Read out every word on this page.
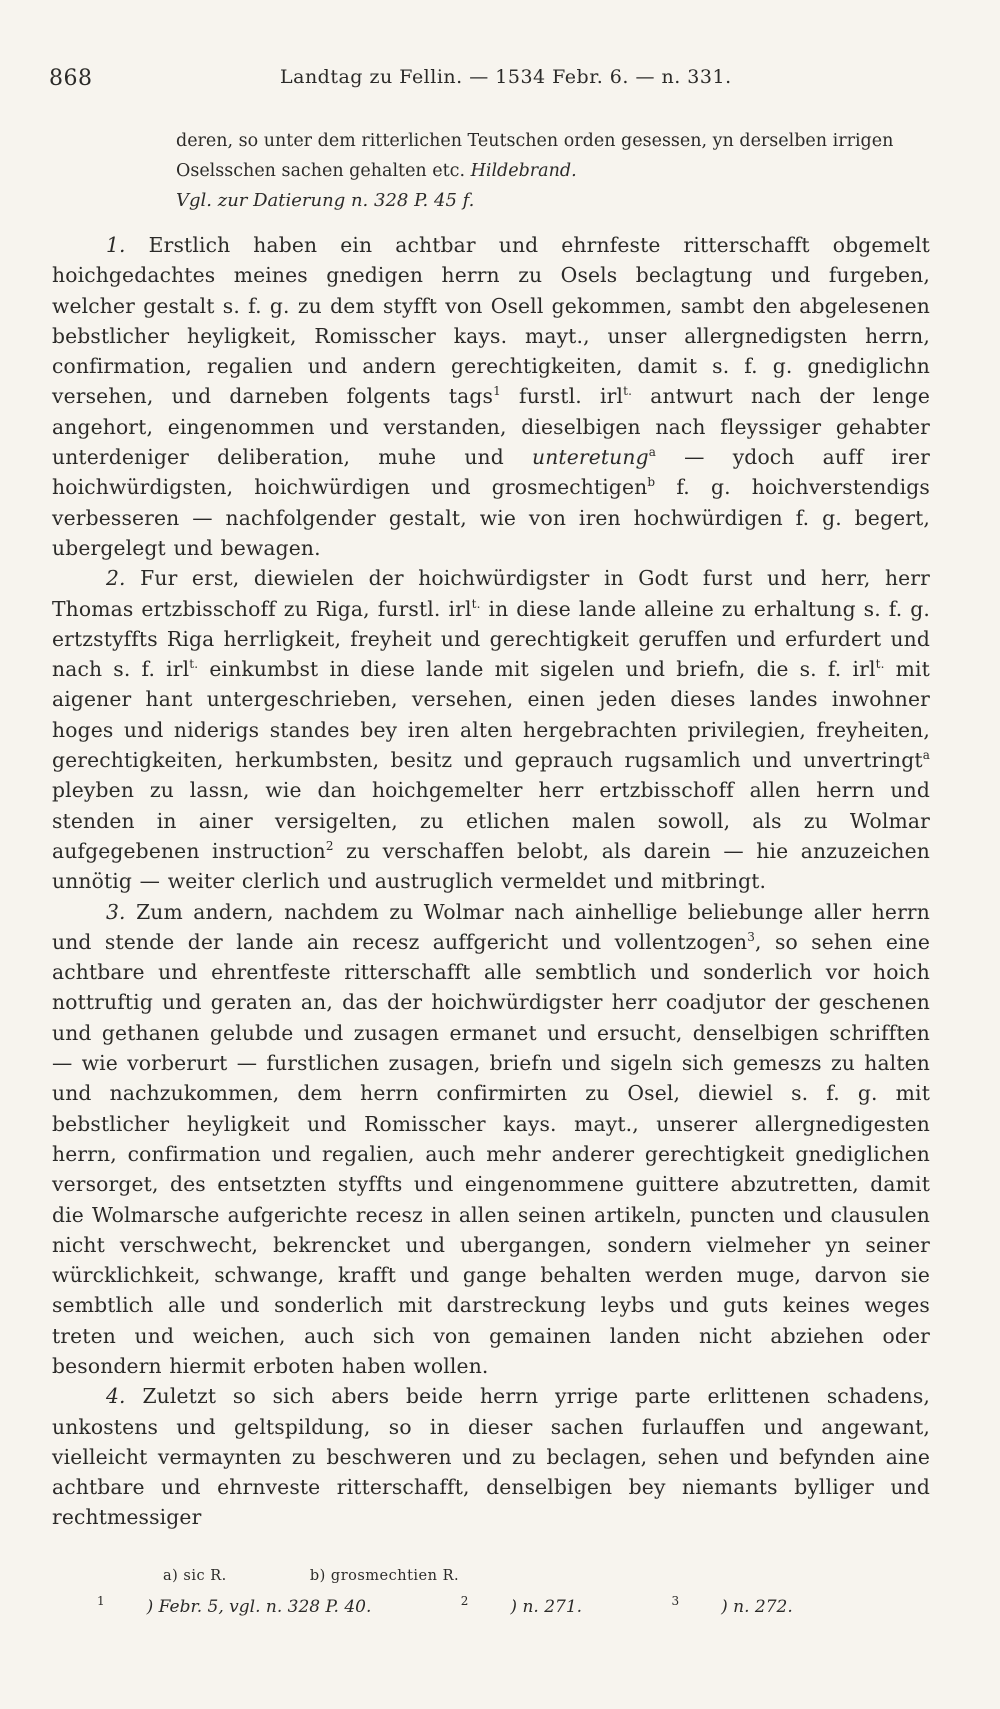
868	Landtag zu Fellin. — 1534 Febr. 6. — n. 331.

deren, so unter dem ritterlichen Teutschen orden gesessen, yn derselben irrigen

Oselsschen sachen gehalten etc. Hildebrand.

Vgl. zur Datierung n. 328 P. 45 f.

1. Erstlich haben ein achtbar und ehrnfeste ritterschafft obgemelt hoichgedachtes meines gnedigen herrn zu Osels beclagtung und furgeben, welcher gestalt s. f. g. zu dem styfft von Osell gekommen, sambt den abgelesenen bebstlicher heyligkeit, Romisscher kays. mayt., unser allergnedigsten herrn, confirmation, regalien und andern gerechtigkeiten, damit s. f. g. gnediglichn versehen, und darneben folgents tags$^1$ furstl. irl$^{t.}$ antwurt nach der lenge angehort, eingenommen und verstanden, dieselbigen nach fleyssiger gehabter unterdeniger deliberation, muhe und unteretung$^a$ — ydoch auff irer hoichwürdigsten, hoichwürdigen und grosmechtigen$^b$ f. g. hoichverstendigs verbesseren — nachfolgender gestalt, wie von iren hochwürdigen f. g. begert, ubergelegt und bewagen.

2. Fur erst, diewielen der hoichwürdigster in Godt furst und herr, herr Thomas ertzbisschoff zu Riga, furstl. irl$^{t.}$ in diese lande alleine zu erhaltung s. f. g. ertzstyffts Riga herrligkeit, freyheit und gerechtigkeit geruffen und erfurdert und nach s. f. irl$^{t.}$ einkumbst in diese lande mit sigelen und briefn, die s. f. irl$^{t.}$ mit aigener hant untergeschrieben, versehen, einen jeden dieses landes inwohner hoges und niderigs standes bey iren alten hergebrachten privilegien, freyheiten, gerechtigkeiten, herkumbsten, besitz und geprauch rugsamlich und unvertringt$^a$ pleyben zu lassn, wie dan hoichgemelter herr ertzbisschoff allen herrn und stenden in ainer versigelten, zu etlichen malen sowoll, als zu Wolmar aufgegebenen instruction$^2$ zu verschaffen belobt, als darein — hie anzuzeichen unnötig — weiter clerlich und austruglich vermeldet und mitbringt.

3. Zum andern, nachdem zu Wolmar nach ainhellige beliebunge aller herrn und stende der lande ain recesz auffgericht und vollentzogen$^3$, so sehen eine achtbare und ehrentfeste ritterschafft alle sembtlich und sonderlich vor hoich nottruftig und geraten an, das der hoichwürdigster herr coadjutor der geschenen und gethanen gelubde und zusagen ermanet und ersucht, denselbigen schrifften — wie vorberurt — furstlichen zusagen, briefn und sigeln sich gemeszs zu halten und nachzukommen, dem herrn confirmirten zu Osel, diewiel s. f. g. mit bebstlicher heyligkeit und Romisscher kays. mayt., unserer allergnedigesten herrn, confirmation und regalien, auch mehr anderer gerechtigkeit gnediglichen versorget, des entsetzten styffts und eingenommene guittere abzutretten, damit die Wolmarsche aufgerichte recesz in allen seinen artikeln, puncten und clausulen nicht verschwecht, bekrencket und ubergangen, sondern vielmeher yn seiner würcklichkeit, schwange, krafft und gange behalten werden muge, darvon sie sembtlich alle und sonderlich mit darstreckung leybs und guts keines weges treten und weichen, auch sich von gemainen landen nicht abziehen oder besondern hiermit erboten haben wollen.

4. Zuletzt so sich abers beide herrn yrrige parte erlittenen schadens, unkostens und geltspildung, so in dieser sachen furlauffen und angewant, vielleicht vermaynten zu beschweren und zu beclagen, sehen und befynden aine achtbare und ehrnveste ritterschafft, denselbigen bey niemants bylliger und rechtmessiger

a) sic R.	b) grosmechtien R.
$^1$ ) Febr. 5, vgl. n. 328 P. 40.	$^2$ ) n. 271.	$^3$ ) n. 272.
